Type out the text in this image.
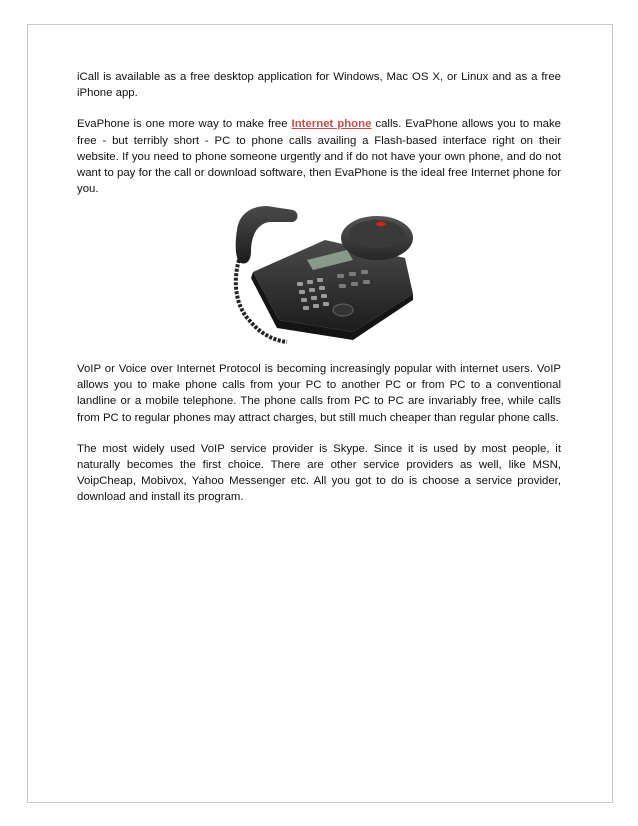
iCall is available as a free desktop application for Windows, Mac OS X, or Linux and as a free iPhone app.

EvaPhone is one more way to make free Internet phone calls. EvaPhone allows you to make free - but terribly short - PC to phone calls availing a Flash-based interface right on their website. If you need to phone someone urgently and if do not have your own phone, and do not want to pay for the call or download software, then EvaPhone is the ideal free Internet phone for you.

VoIP or Voice over Internet Protocol is becoming increasingly popular with internet users. VoIP allows you to make phone calls from your PC to another PC or from PC to a conventional landline or a mobile telephone. The phone calls from PC to PC are invariably free, while calls from PC to regular phones may attract charges, but still much cheaper than regular phone calls.

The most widely used VoIP service provider is Skype. Since it is used by most people, it naturally becomes the first choice. There are other service providers as well, like MSN, VoipCheap, Mobivox, Yahoo Messenger etc. All you got to do is choose a service provider, download and install its program.
